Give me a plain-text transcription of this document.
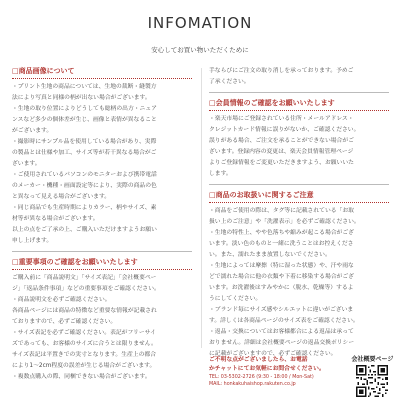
INFOMATION
安心してお買い物いただくために
□商品画像について

・プリント生地の商品については、生地の裁断・縫製方

法により写真と同様の柄が出ない場合がございます。

・生地の取り位置によりどうしても総柄の出方・ニュア

ンスなど多少の個体差が生じ、画像と表情が異なること

がございます。

・撮影時にサンプル品を使用している場合があり、実際

の製品とは仕様や加工、サイズ等が若干異なる場合がご

ざいます。

・ご使用されているパソコンのモニターおよび携帯電話

のメーカー・機種・画面設定等により、実際の商品の色

と異なって見える場合がございます。

・同じ商品でも生産時期によりカラー、柄やサイズ、素

材等が異なる場合がございます。

以上の点をご了承の上、ご購入いただけますようお願い

申し上げます。

□重要事項のご確認をお願いいたします

ご購入前に「商品説明文」「サイズ表記」「会社概要ペー

ジ」「返品条件事項」などの重要事項をご確認ください。

・商品説明文を必ずご確認ください。

各商品ページには商品の特徴など重要な情報が記載され

ておりますので、必ずご確認ください。

・サイズ表記を必ずご確認ください。表記がフリーサイ

ズであっても、お客様のサイズに合うとは限りません。

サイズ表記は平置きでの実寸となります。生産上の都合

により1〜2cm程度の誤差が生じる場合がございます。

・複数点購入の際、同梱できない場合がございます。

手ならびにご注文の取り消しを承っております。予めご

了承ください。

□会員情報のご確認をお願いいたします

・楽天市場にご登録されている住所・メールアドレス・

クレジットカード情報に誤りがないか、ご確認ください。

誤りがある場合、ご注文を承ることができない場合がご

ざいます。登録内容の変更は、楽天会員情報管理ページ

よりご登録情報をご変更いただきますよう、お願いいた

します。

□商品のお取扱いに関するご注意

・商品をご使用の際は、タグ等に記載されている「お取

扱い上のご注意」や「洗濯表示」を必ずご確認ください。

・生地の特性上、やや色落ちや縮みが起こる場合がござ

います。淡い色のものと一緒に洗うことはお控えくださ

い。また、濡れたまま放置しないでください。

・生地によっては摩擦（特に湿った状態）や、汗や雨な

どで濡れた場合に他の衣類や下着に移染する場合がござ

います。お洗濯後はすみやかに（脱水、乾燥等）するよ

うにしてください。

・ブランド毎にサイズ感やシルエットに違いがございま

す。詳しくは各商品ページのサイズ表をご確認ください。

・返品・交換についてはお客様都合による返品は承って

おりません。詳細は会社概要ページの返品交換ポリシー

に記載がございますので、必ずご確認ください。

ご不明な点がございましたら、お電話

かチャットにてお気軽にお問合せください。

TEL: 03-5302-2726 (9:30 - 18:00 / Mon-Sat)

MAIL: honkakuhaishop.rakuten.co.jp

会社概要ページ
